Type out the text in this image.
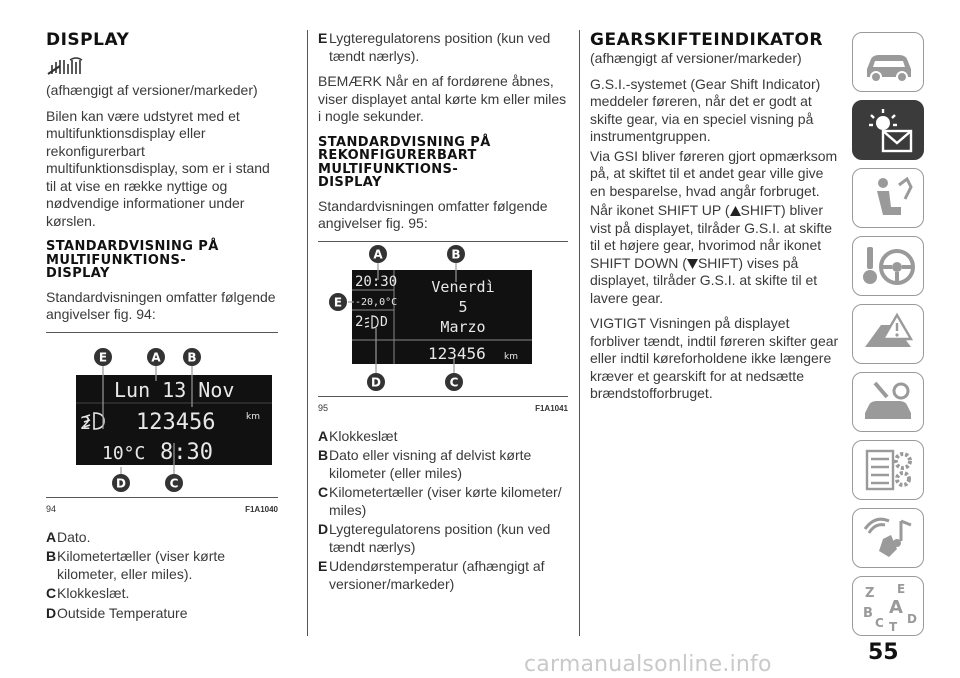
DISPLAY

(afhængigt af versioner/markeder)

Bilen kan være udstyret med et multifunktionsdisplay eller rekonfigurerbart multifunktionsdisplay, som er i stand til at vise en række nyttige og nødvendige informationer under kørslen.

STANDARDVISNING PÅ MULTIFUNKTIONS- DISPLAY

Standardvisningen omfatter følgende angivelser fig. 94:

Lun 13 Nov
2 123456	km
10°C 8:30
E	A B
D	C
94	F1A1040
A Dato.
B Kilometertæller (viser kørte kilometer, eller miles).
C Klokkeslæt.
D Outside Temperature
E Lygteregulatorens position (kun ved tændt nærlys).

BEMÆRK Når en af fordørene åbnes, viser displayet antal kørte km eller miles i nogle sekunder.

STANDARDVISNING PÅ REKONFIGURERBART MULTIFUNKTIONS- DISPLAY

Standardvisningen omfatter følgende angivelser fig. 95:

20:30
-20,0°C
2 D
Venerdì
5
Marzo
123456 km
A	B
E
D	C
95	F1A1041
A Klokkeslæt
B Dato eller visning af delvist kørte kilometer (eller miles)
C Kilometertæller (viser kørte kilometer/ miles)
D Lygteregulatorens position (kun ved tændt nærlys)
E Udendørstemperatur (afhængigt af versioner/markeder)
GEARSKIFTEINDIKATOR

(afhængigt af versioner/markeder)

G.S.I.-systemet (Gear Shift Indicator) meddeler føreren, når det er godt at skifte gear, via en speciel visning på instrumentgruppen.

Via GSI bliver føreren gjort opmærksom på, at skiftet til et andet gear ville give en besparelse, hvad angår forbruget.

Når ikonet SHIFT UP ( SHIFT) bliver vist på displayet, tilråder G.S.I. at skifte til et højere gear, hvorimod når ikonet SHIFT DOWN ( SHIFT) vises på displayet, tilråder G.S.I. at skifte til et lavere gear.

VIGTIGT Visningen på displayet forbliver tændt, indtil føreren skifter gear eller indtil køreforholdene ikke længere kræver et gearskift for at nedsætte brændstofforbruget.

Z E
A
B
C D
T
55
carmanualsonline.info
